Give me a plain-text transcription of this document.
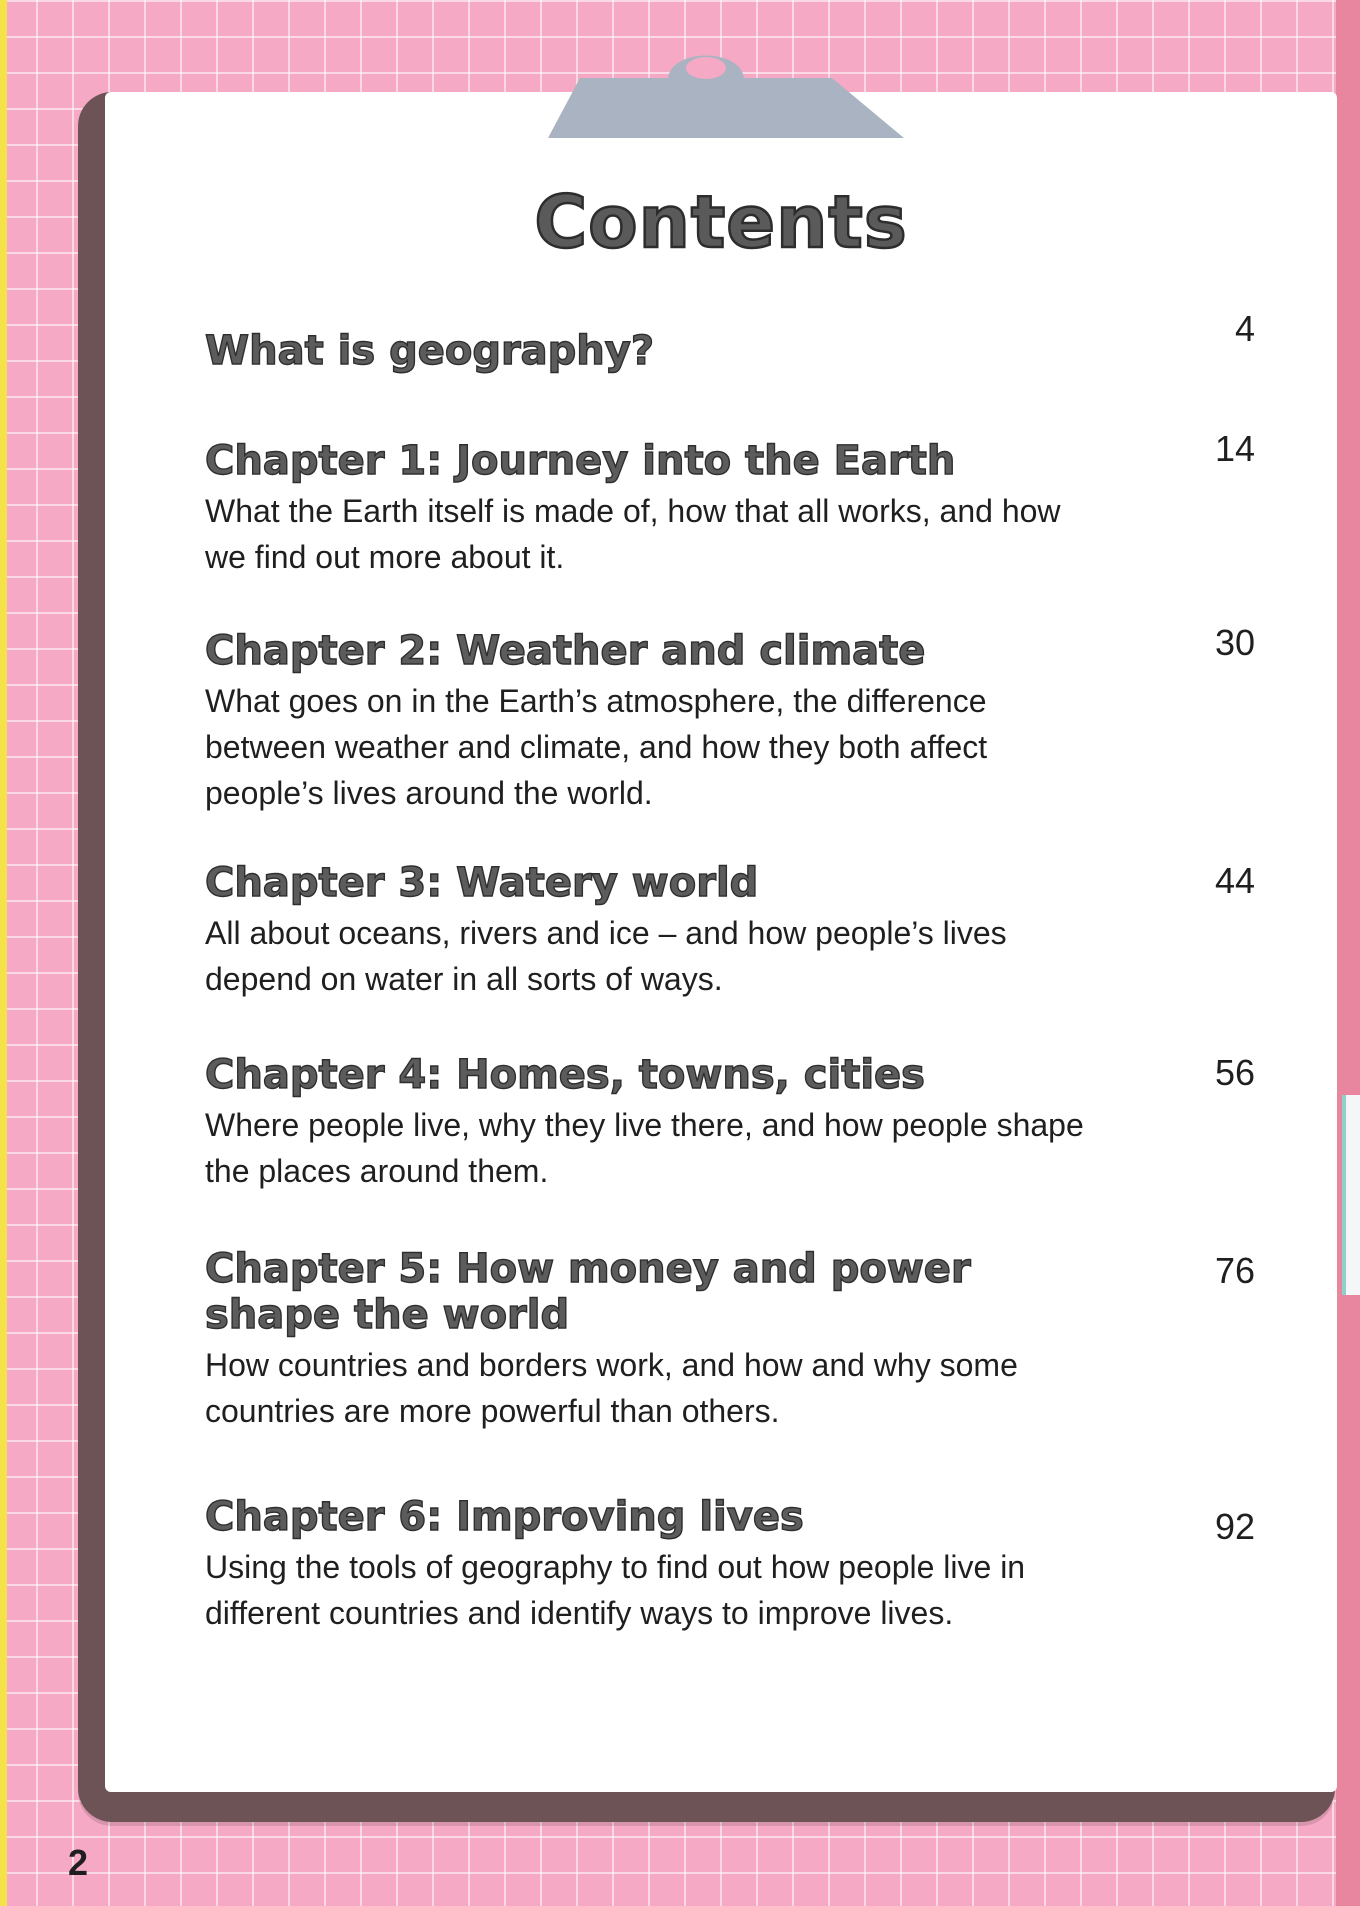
Contents
What is geography?	4
Chapter 1: Journey into the Earth
What the Earth itself is made of, how that all works, and how we find out more about it.
14
Chapter 2: Weather and climate
What goes on in the Earth’s atmosphere, the difference between weather and climate, and how they both affect people’s lives around the world.
30
Chapter 3: Watery world
All about oceans, rivers and ice – and how people’s lives depend on water in all sorts of ways.
44
Chapter 4: Homes, towns, cities
Where people live, why they live there, and how people shape the places around them.
56
Chapter 5: How money and power shape the world
How countries and borders work, and how and why some countries are more powerful than others.
76
Chapter 6: Improving lives
Using the tools of geography to find out how people live in different countries and identify ways to improve lives.
92
2
